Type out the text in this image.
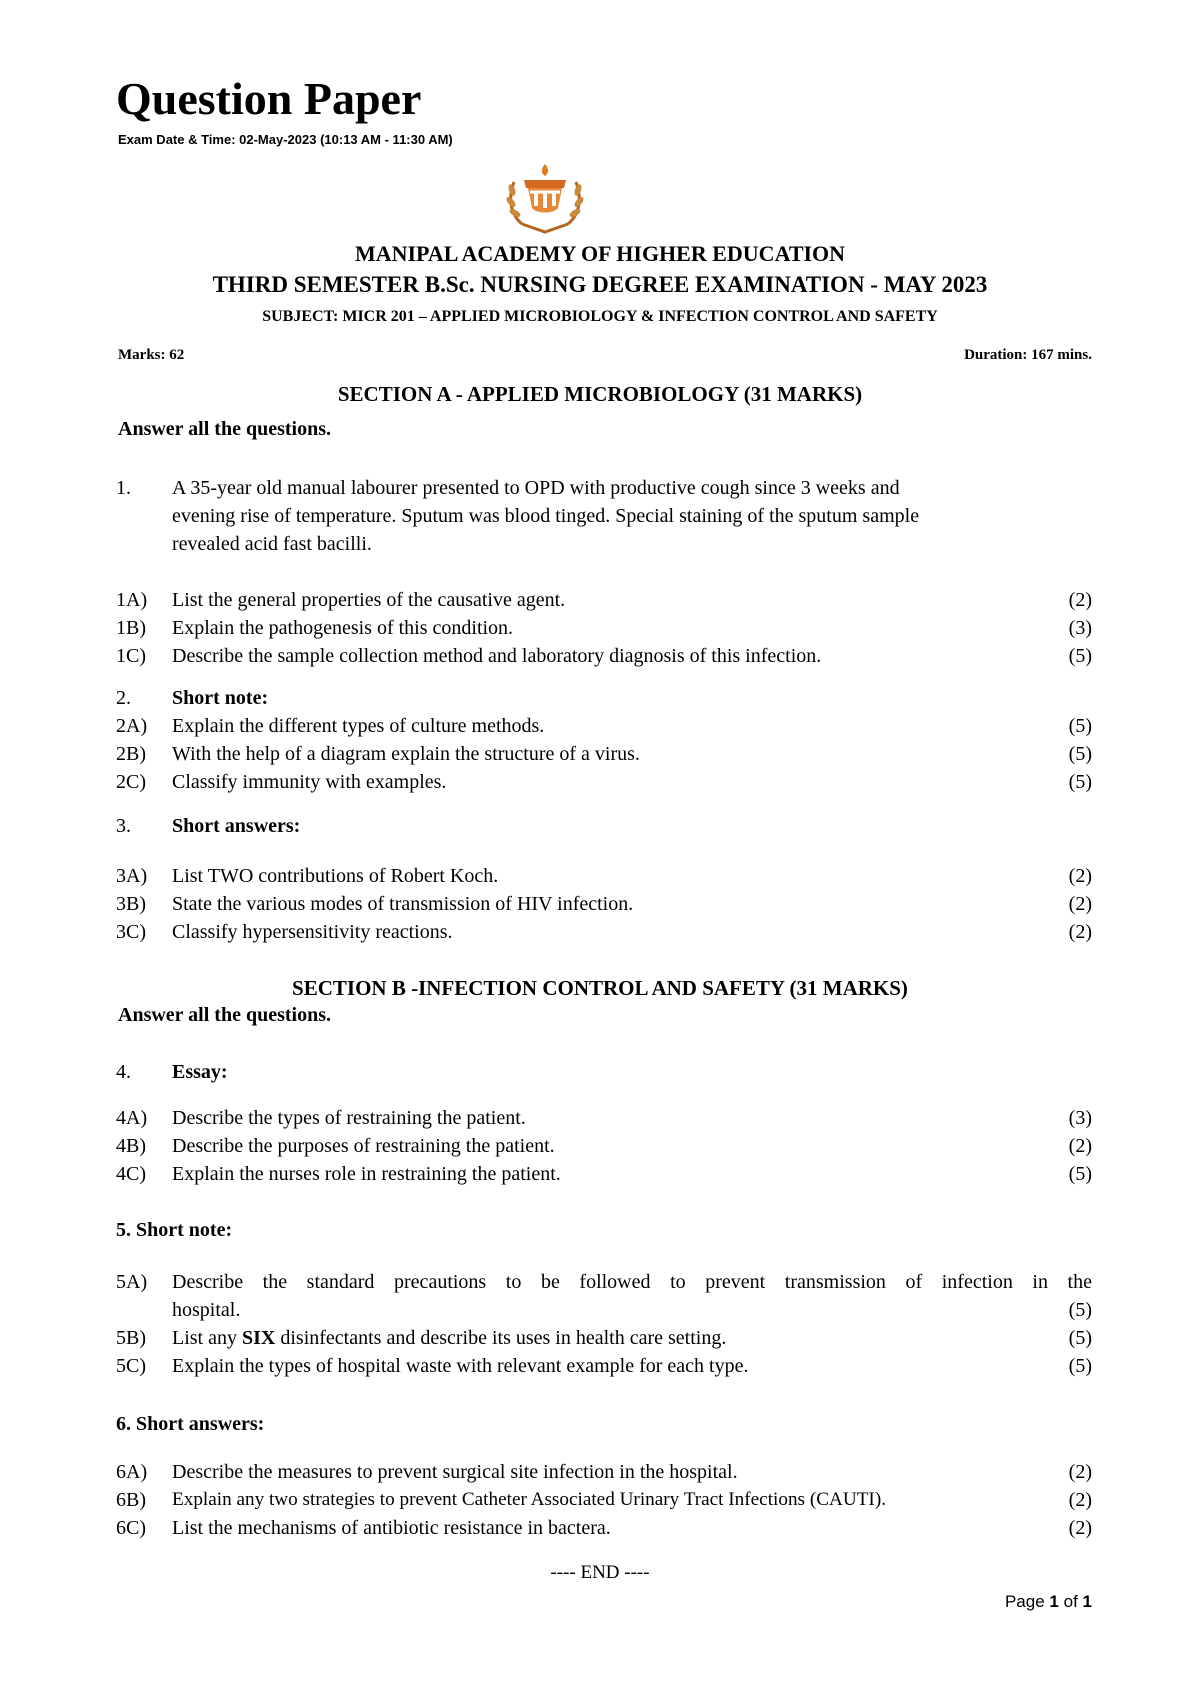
Question Paper
Exam Date & Time: 02-May-2023 (10:13 AM - 11:30 AM)
MANIPAL ACADEMY OF HIGHER EDUCATION
THIRD SEMESTER B.Sc. NURSING DEGREE EXAMINATION - MAY 2023
SUBJECT: MICR 201 – APPLIED MICROBIOLOGY & INFECTION CONTROL AND SAFETY
Marks: 62	Duration: 167 mins.
SECTION A - APPLIED MICROBIOLOGY (31 MARKS)
Answer all the questions.
1. A 35-year old manual labourer presented to OPD with productive cough since 3 weeks and
evening rise of temperature. Sputum was blood tinged. Special staining of the sputum sample
revealed acid fast bacilli.
1A) List the general properties of the causative agent.	(2)
1B) Explain the pathogenesis of this condition.	(3)
1C) Describe the sample collection method and laboratory diagnosis of this infection.	(5)
2. Short note:
2A) Explain the different types of culture methods.	(5)
2B) With the help of a diagram explain the structure of a virus.	(5)
2C) Classify immunity with examples.	(5)
3. Short answers:
3A) List TWO contributions of Robert Koch.	(2)
3B) State the various modes of transmission of HIV infection.	(2)
3C) Classify hypersensitivity reactions.	(2)
SECTION B -INFECTION CONTROL AND SAFETY (31 MARKS)
Answer all the questions.
4. Essay:
4A) Describe the types of restraining the patient.	(3)
4B) Describe the purposes of restraining the patient.	(2)
4C) Explain the nurses role in restraining the patient.	(5)
5. Short note:
5A) Describe the standard precautions to be followed to prevent transmission of infection in the
hospital.	(5)
5B) List any SIX disinfectants and describe its uses in health care setting.	(5)
5C) Explain the types of hospital waste with relevant example for each type.	(5)
6. Short answers:
6A) Describe the measures to prevent surgical site infection in the hospital.	(2)
6B) Explain any two strategies to prevent Catheter Associated Urinary Tract Infections (CAUTI).	(2)
6C) List the mechanisms of antibiotic resistance in bactera.	(2)
---- END ----
Page 1 of 1
